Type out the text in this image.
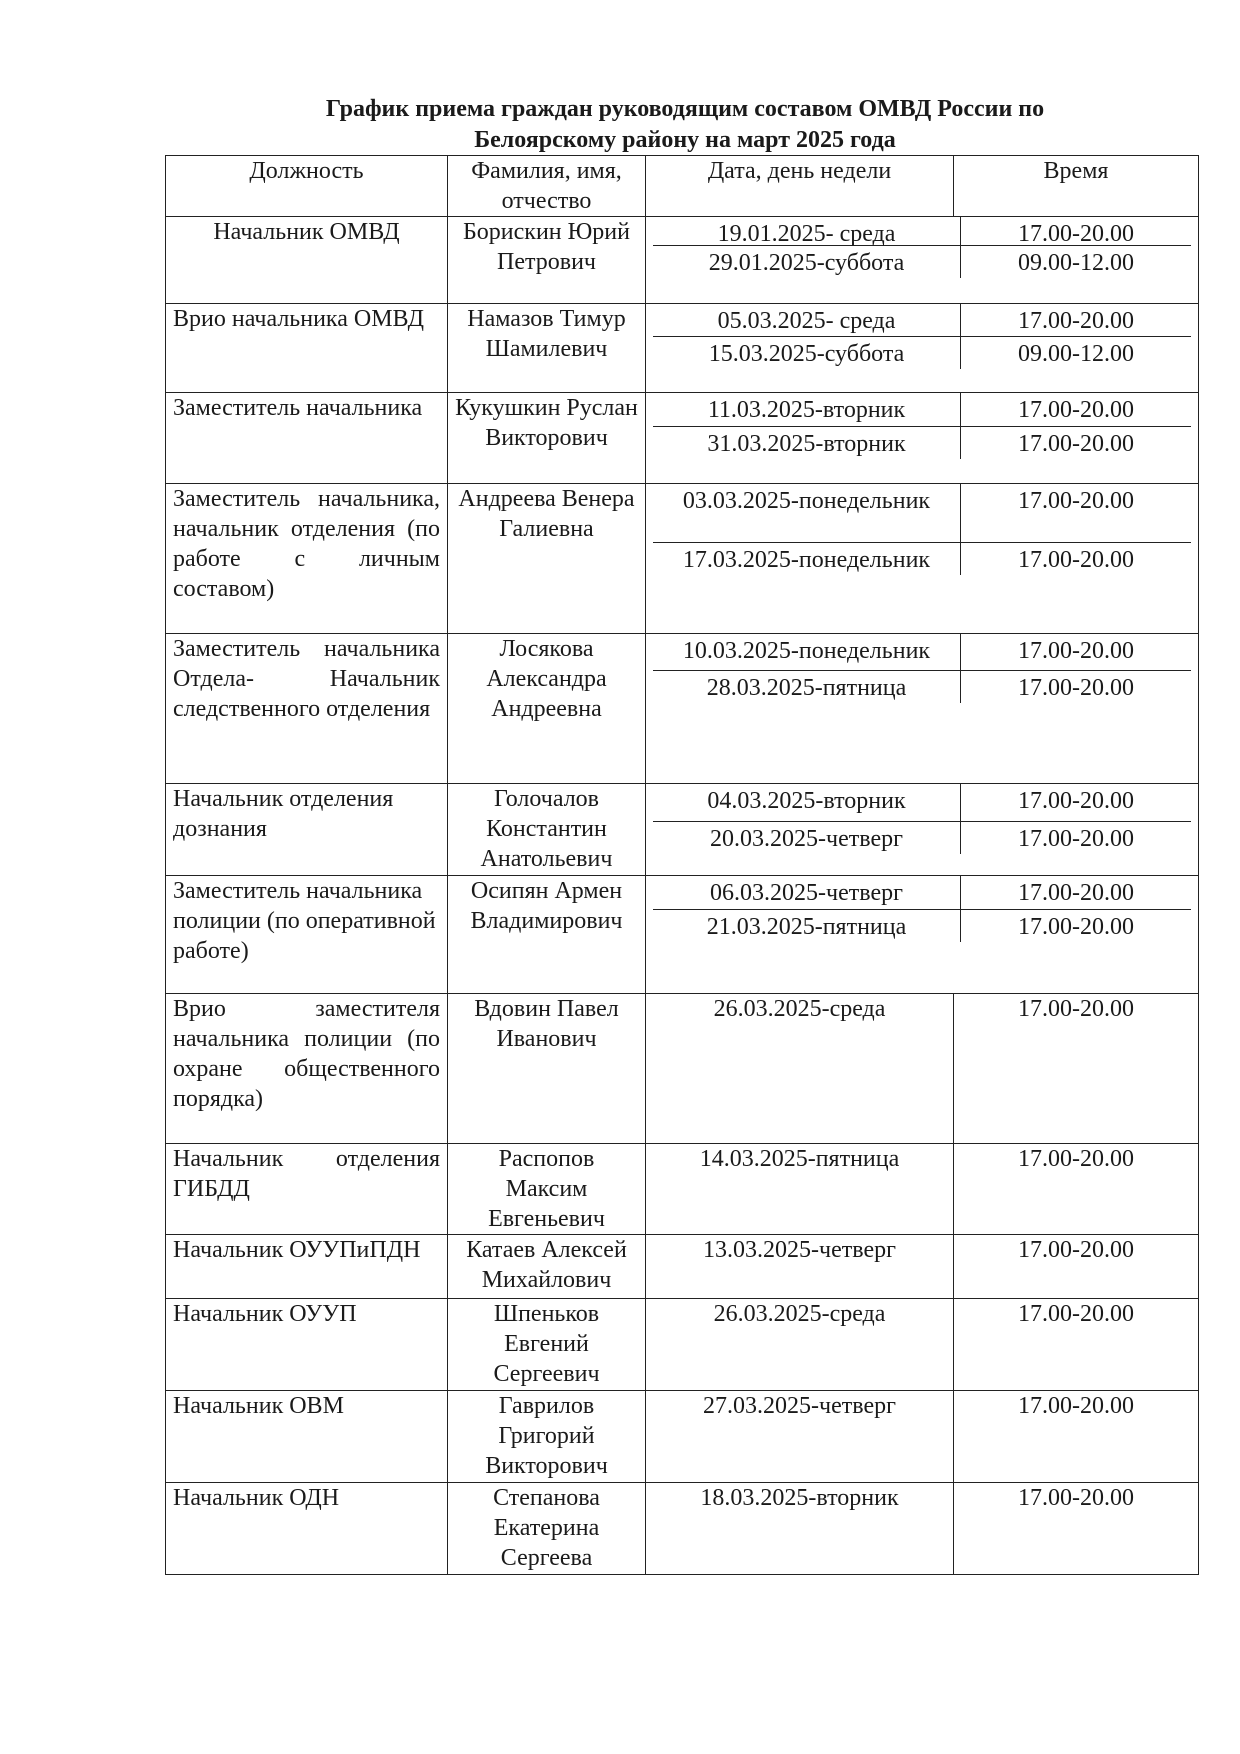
График приема граждан руководящим составом ОМВД России по
Белоярскому району на март 2025 года
Должность	Фамилия, имя, отчество	Дата, день недели	Время
Начальник ОМВД	Борискин Юрий Петрович	19.01.2025- среда 17.00-20.00
29.01.2025-суббота 09.00-12.00	

Врио начальника ОМВД	Намазов Тимур Шамилевич	05.03.2025- среда 17.00-20.00
15.03.2025-суббота 09.00-12.00	

Заместитель начальника	Кукушкин Руслан Викторович	11.03.2025-вторник 17.00-20.00
31.03.2025-вторник 17.00-20.00	

Заместитель начальника, начальник отделения (по работе с личным составом)	Андреева Венера Галиевна	03.03.2025-понедельник 17.00-20.00
17.03.2025-понедельник 17.00-20.00	

Заместитель начальника Отдела- Начальник следственного отделения	Лосякова Александра Андреевна	10.03.2025-понедельник 17.00-20.00
28.03.2025-пятница 17.00-20.00	

Начальник отделения дознания	Голочалов Константин Анатольевич	04.03.2025-вторник 17.00-20.00
20.03.2025-четверг 17.00-20.00	

Заместитель начальника полиции (по оперативной работе)	Осипян Армен Владимирович	06.03.2025-четверг 17.00-20.00
21.03.2025-пятница 17.00-20.00	

Врио заместителя начальника полиции (по охране общественного порядка)	Вдовин Павел Иванович	26.03.2025-среда	17.00-20.00
Начальник отделения ГИБДД	Распопов Максим Евгеньевич	14.03.2025-пятница	17.00-20.00
Начальник ОУУПиПДН	Катаев Алексей Михайлович	13.03.2025-четверг	17.00-20.00
Начальник ОУУП	Шпеньков Евгений Сергеевич	26.03.2025-среда	17.00-20.00
Начальник ОВМ	Гаврилов Григорий Викторович	27.03.2025-четверг	17.00-20.00
Начальник ОДН	Степанова Екатерина Сергеева	18.03.2025-вторник	17.00-20.00
